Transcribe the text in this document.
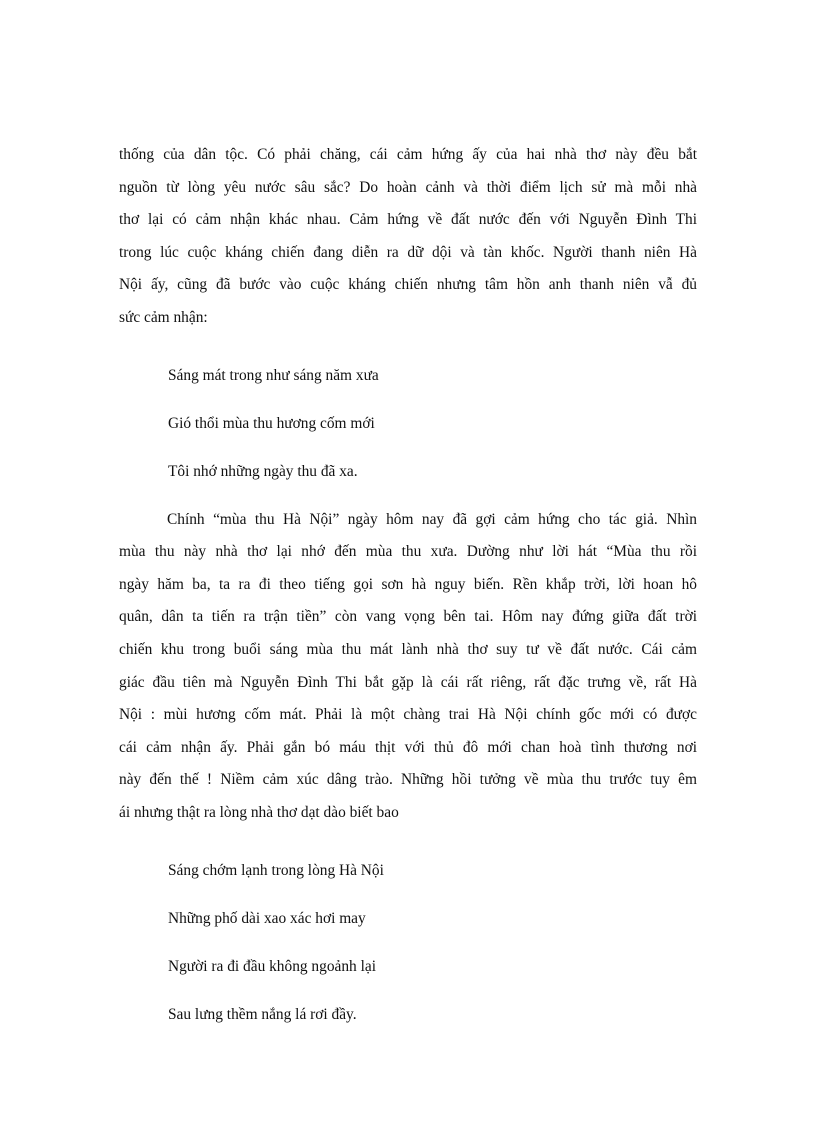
thống của dân tộc. Có phải chăng, cái cảm hứng ấy của hai nhà thơ này đều bắt
nguồn từ lòng yêu nước sâu sắc? Do hoàn cảnh và thời điểm lịch sử mà mỗi nhà
thơ lại có cảm nhận khác nhau. Cảm hứng về đất nước đến với Nguyễn Đình Thi
trong lúc cuộc kháng chiến đang diễn ra dữ dội và tàn khốc. Người thanh niên Hà
Nội ấy, cũng đã bước vào cuộc kháng chiến nhưng tâm hồn anh thanh niên vẫ đủ
sức cảm nhận:

Sáng mát trong như sáng năm xưa

Gió thổi mùa thu hương cốm mới

Tôi nhớ những ngày thu đã xa.

Chính “mùa thu Hà Nội” ngày hôm nay đã gợi cảm hứng cho tác giả. Nhìn
mùa thu này nhà thơ lại nhớ đến mùa thu xưa. Dường như lời hát “Mùa thu rồi
ngày hăm ba, ta ra đi theo tiếng gọi sơn hà nguy biến. Rền khắp trời, lời hoan hô
quân, dân ta tiến ra trận tiền” còn vang vọng bên tai. Hôm nay đứng giữa đất trời
chiến khu trong buổi sáng mùa thu mát lành nhà thơ suy tư về đất nước. Cái cảm
giác đầu tiên mà Nguyễn Đình Thi bắt gặp là cái rất riêng, rất đặc trưng về, rất Hà
Nội : mùi hương cốm mát. Phải là một chàng trai Hà Nội chính gốc mới có được
cái cảm nhận ấy. Phải gắn bó máu thịt với thủ đô mới chan hoà tình thương nơi
này đến thế ! Niềm cảm xúc dâng trào. Những hồi tưởng về mùa thu trước tuy êm
ái nhưng thật ra lòng nhà thơ dạt dào biết bao

Sáng chớm lạnh trong lòng Hà Nội

Những phố dài xao xác hơi may

Người ra đi đầu không ngoảnh lại

Sau lưng thềm nắng lá rơi đầy.
